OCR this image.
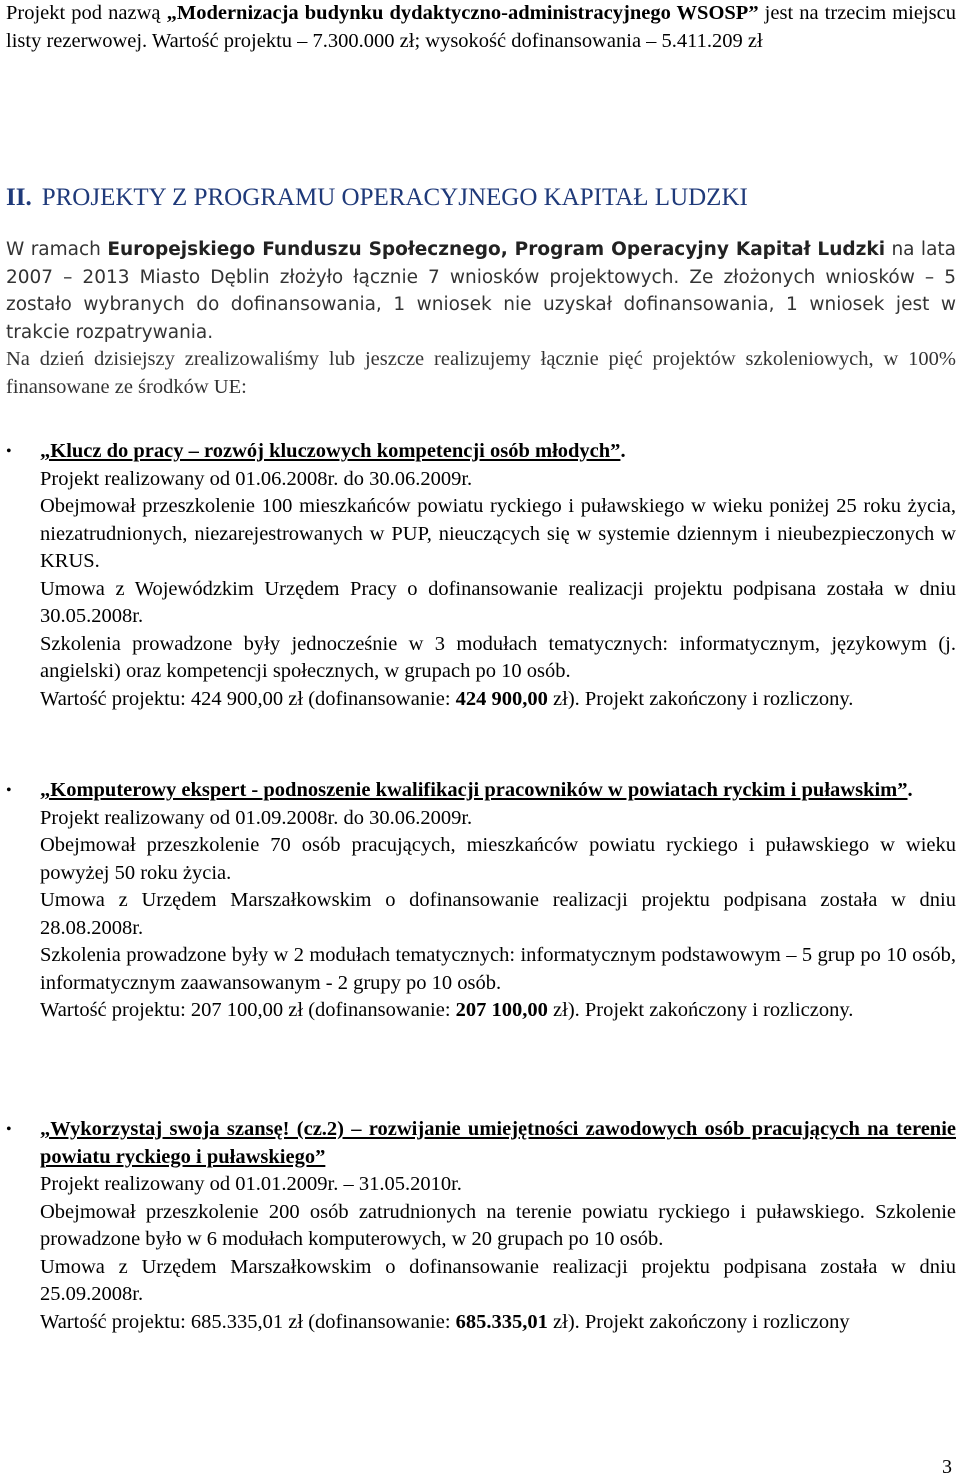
Projekt pod nazwą „Modernizacja budynku dydaktyczno-administracyjnego WSOSP” jest na trzecim miejscu listy rezerwowej. Wartość projektu – 7.300.000 zł; wysokość dofinansowania – 5.411.209 zł

II. PROJEKTY Z PROGRAMU OPERACYJNEGO KAPITAŁ LUDZKI

W ramach Europejskiego Funduszu Społecznego, Program Operacyjny Kapitał Ludzki na lata 2007 – 2013 Miasto Dęblin złożyło łącznie 7 wniosków projektowych. Ze złożonych wniosków – 5 zostało wybranych do dofinansowania, 1 wniosek nie uzyskał dofinansowania, 1 wniosek jest w trakcie rozpatrywania.

Na dzień dzisiejszy zrealizowaliśmy lub jeszcze realizujemy łącznie pięć projektów szkoleniowych, w 100% finansowane ze środków UE:

•	„Klucz do pracy – rozwój kluczowych kompetencji osób młodych”.

Projekt realizowany od 01.06.2008r. do 30.06.2009r.

Obejmował przeszkolenie 100 mieszkańców powiatu ryckiego i puławskiego w wieku poniżej 25 roku życia, niezatrudnionych, niezarejestrowanych w PUP, nieuczących się w systemie dziennym i nieubezpieczonych w KRUS.

Umowa z Wojewódzkim Urzędem Pracy o dofinansowanie realizacji projektu podpisana została w dniu 30.05.2008r.

Szkolenia prowadzone były jednocześnie w 3 modułach tematycznych: informatycznym, językowym (j. angielski) oraz kompetencji społecznych, w grupach po 10 osób.

Wartość projektu: 424 900,00 zł (dofinansowanie: 424 900,00 zł). Projekt zakończony i rozliczony.

•	„Komputerowy ekspert - podnoszenie kwalifikacji pracowników w powiatach ryckim i puławskim”.

Projekt realizowany od 01.09.2008r. do 30.06.2009r.

Obejmował przeszkolenie 70 osób pracujących, mieszkańców powiatu ryckiego i puławskiego w wieku powyżej 50 roku życia.

Umowa z Urzędem Marszałkowskim o dofinansowanie realizacji projektu podpisana została w dniu 28.08.2008r.

Szkolenia prowadzone były w 2 modułach tematycznych: informatycznym podstawowym – 5 grup po 10 osób, informatycznym zaawansowanym - 2 grupy po 10 osób.

Wartość projektu: 207 100,00 zł (dofinansowanie: 207 100,00 zł). Projekt zakończony i rozliczony.

•	„Wykorzystaj swoja szansę! (cz.2) – rozwijanie umiejętności zawodowych osób pracujących na terenie powiatu ryckiego i puławskiego”

Projekt realizowany od 01.01.2009r. – 31.05.2010r.

Obejmował przeszkolenie 200 osób zatrudnionych na terenie powiatu ryckiego i puławskiego. Szkolenie prowadzone było w 6 modułach komputerowych, w 20 grupach po 10 osób.

Umowa z Urzędem Marszałkowskim o dofinansowanie realizacji projektu podpisana została w dniu 25.09.2008r.

Wartość projektu: 685.335,01 zł (dofinansowanie: 685.335,01 zł). Projekt zakończony i rozliczony

3
